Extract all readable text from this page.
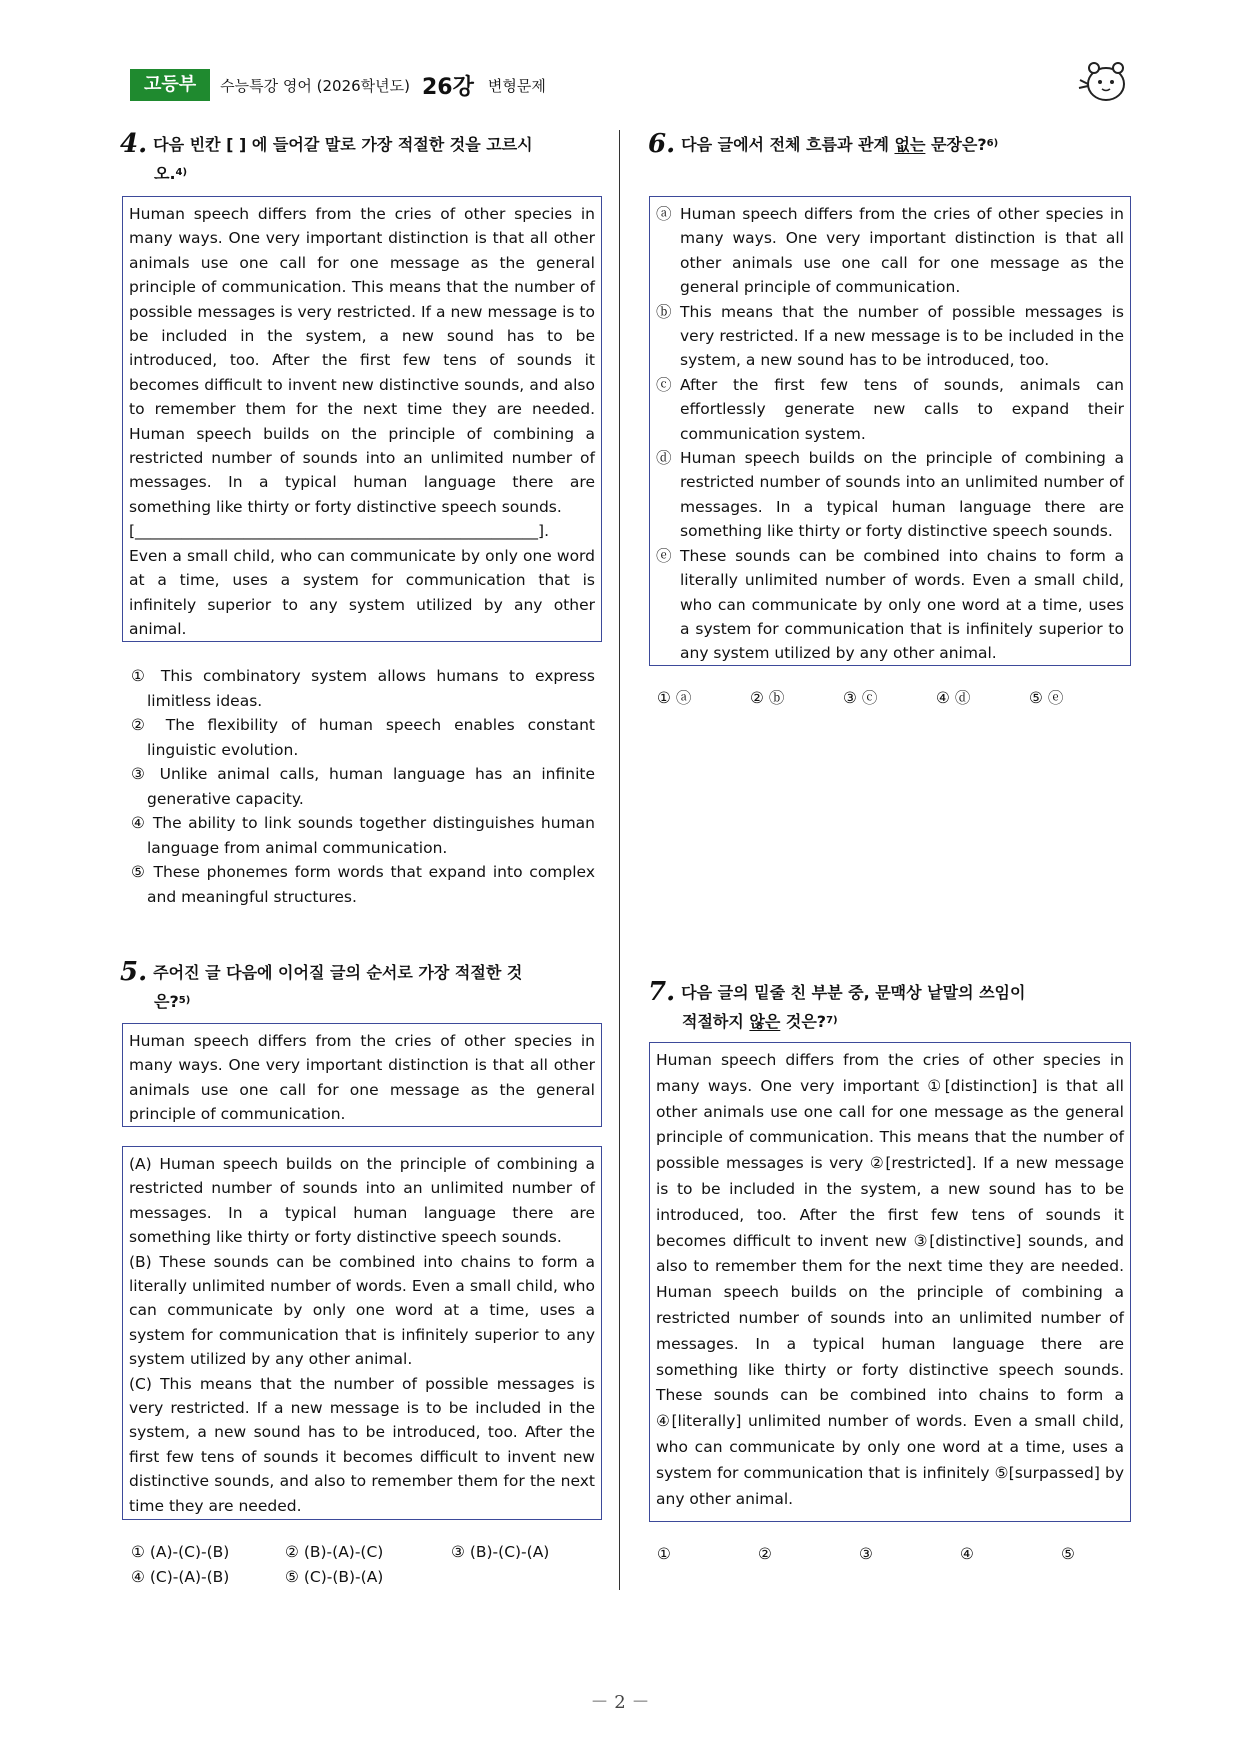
고등부	수능특강 영어 (2026학년도) 26강 변형문제
4. 다음 빈칸 [ ] 에 들어갈 말로 가장 적절한 것을 고르시
오.$^{4)}$

Human speech differs from the cries of other species in many ways. One very important distinction is that all other animals use one call for one message as the general principle of communication. This means that the number of possible messages is very restricted. If a new message is to be included in the system, a new sound has to be introduced, too. After the first few tens of sounds it becomes difficult to invent new distinctive sounds, and also to remember them for the next time they are needed. Human speech builds on the principle of combining a restricted number of sounds into an unlimited number of messages. In a typical human language there are something like thirty or forty distinctive speech sounds.

[____________________________________________________].

Even a small child, who can communicate by only one word at a time, uses a system for communication that is infinitely superior to any system utilized by any other animal.

① This combinatory system allows humans to express limitless ideas.
② The flexibility of human speech enables constant linguistic evolution.
③ Unlike animal calls, human language has an infinite generative capacity.
④ The ability to link sounds together distinguishes human language from animal communication.
⑤ These phonemes form words that expand into complex and meaningful structures.
5. 주어진 글 다음에 이어질 글의 순서로 가장 적절한 것
은?$^{5)}$

Human speech differs from the cries of other species in many ways. One very important distinction is that all other animals use one call for one message as the general principle of communication.

(A) Human speech builds on the principle of combining a restricted number of sounds into an unlimited number of messages. In a typical human language there are something like thirty or forty distinctive speech sounds.

(B) These sounds can be combined into chains to form a literally unlimited number of words. Even a small child, who can communicate by only one word at a time, uses a system for communication that is infinitely superior to any system utilized by any other animal.

(C) This means that the number of possible messages is very restricted. If a new message is to be included in the system, a new sound has to be introduced, too. After the first few tens of sounds it becomes difficult to invent new distinctive sounds, and also to remember them for the next time they are needed.

① (A)-(C)-(B)	② (B)-(A)-(C)	③ (B)-(C)-(A)
④ (C)-(A)-(B)	⑤ (C)-(B)-(A)
6. 다음 글에서 전체 흐름과 관계 없는 문장은?$^{6)}$
ⓐ Human speech differs from the cries of other species in many ways. One very important distinction is that all other animals use one call for one message as the general principle of communication.
ⓑ This means that the number of possible messages is very restricted. If a new message is to be included in the system, a new sound has to be introduced, too.
ⓒ After the first few tens of sounds, animals can effortlessly generate new calls to expand their communication system.
ⓓ Human speech builds on the principle of combining a restricted number of sounds into an unlimited number of messages. In a typical human language there are something like thirty or forty distinctive speech sounds.
ⓔ These sounds can be combined into chains to form a literally unlimited number of words. Even a small child, who can communicate by only one word at a time, uses a system for communication that is infinitely superior to any system utilized by any other animal.
① ⓐ	② ⓑ	③ ⓒ	④ ⓓ	⑤ ⓔ
7. 다음 글의 밑줄 친 부분 중, 문맥상 낱말의 쓰임이
적절하지 않은 것은?$^{7)}$

Human speech differs from the cries of other species in many ways. One very important ①[distinction] is that all other animals use one call for one message as the general principle of communication. This means that the number of possible messages is very ②[restricted]. If a new message is to be included in the system, a new sound has to be introduced, too. After the first few tens of sounds it becomes difficult to invent new ③[distinctive] sounds, and also to remember them for the next time they are needed. Human speech builds on the principle of combining a restricted number of sounds into an unlimited number of messages. In a typical human language there are something like thirty or forty distinctive speech sounds. These sounds can be combined into chains to form a ④[literally] unlimited number of words. Even a small child, who can communicate by only one word at a time, uses a system for communication that is infinitely ⑤[surpassed] by any other animal.

①	②	③	④	⑤
－ 2 －
